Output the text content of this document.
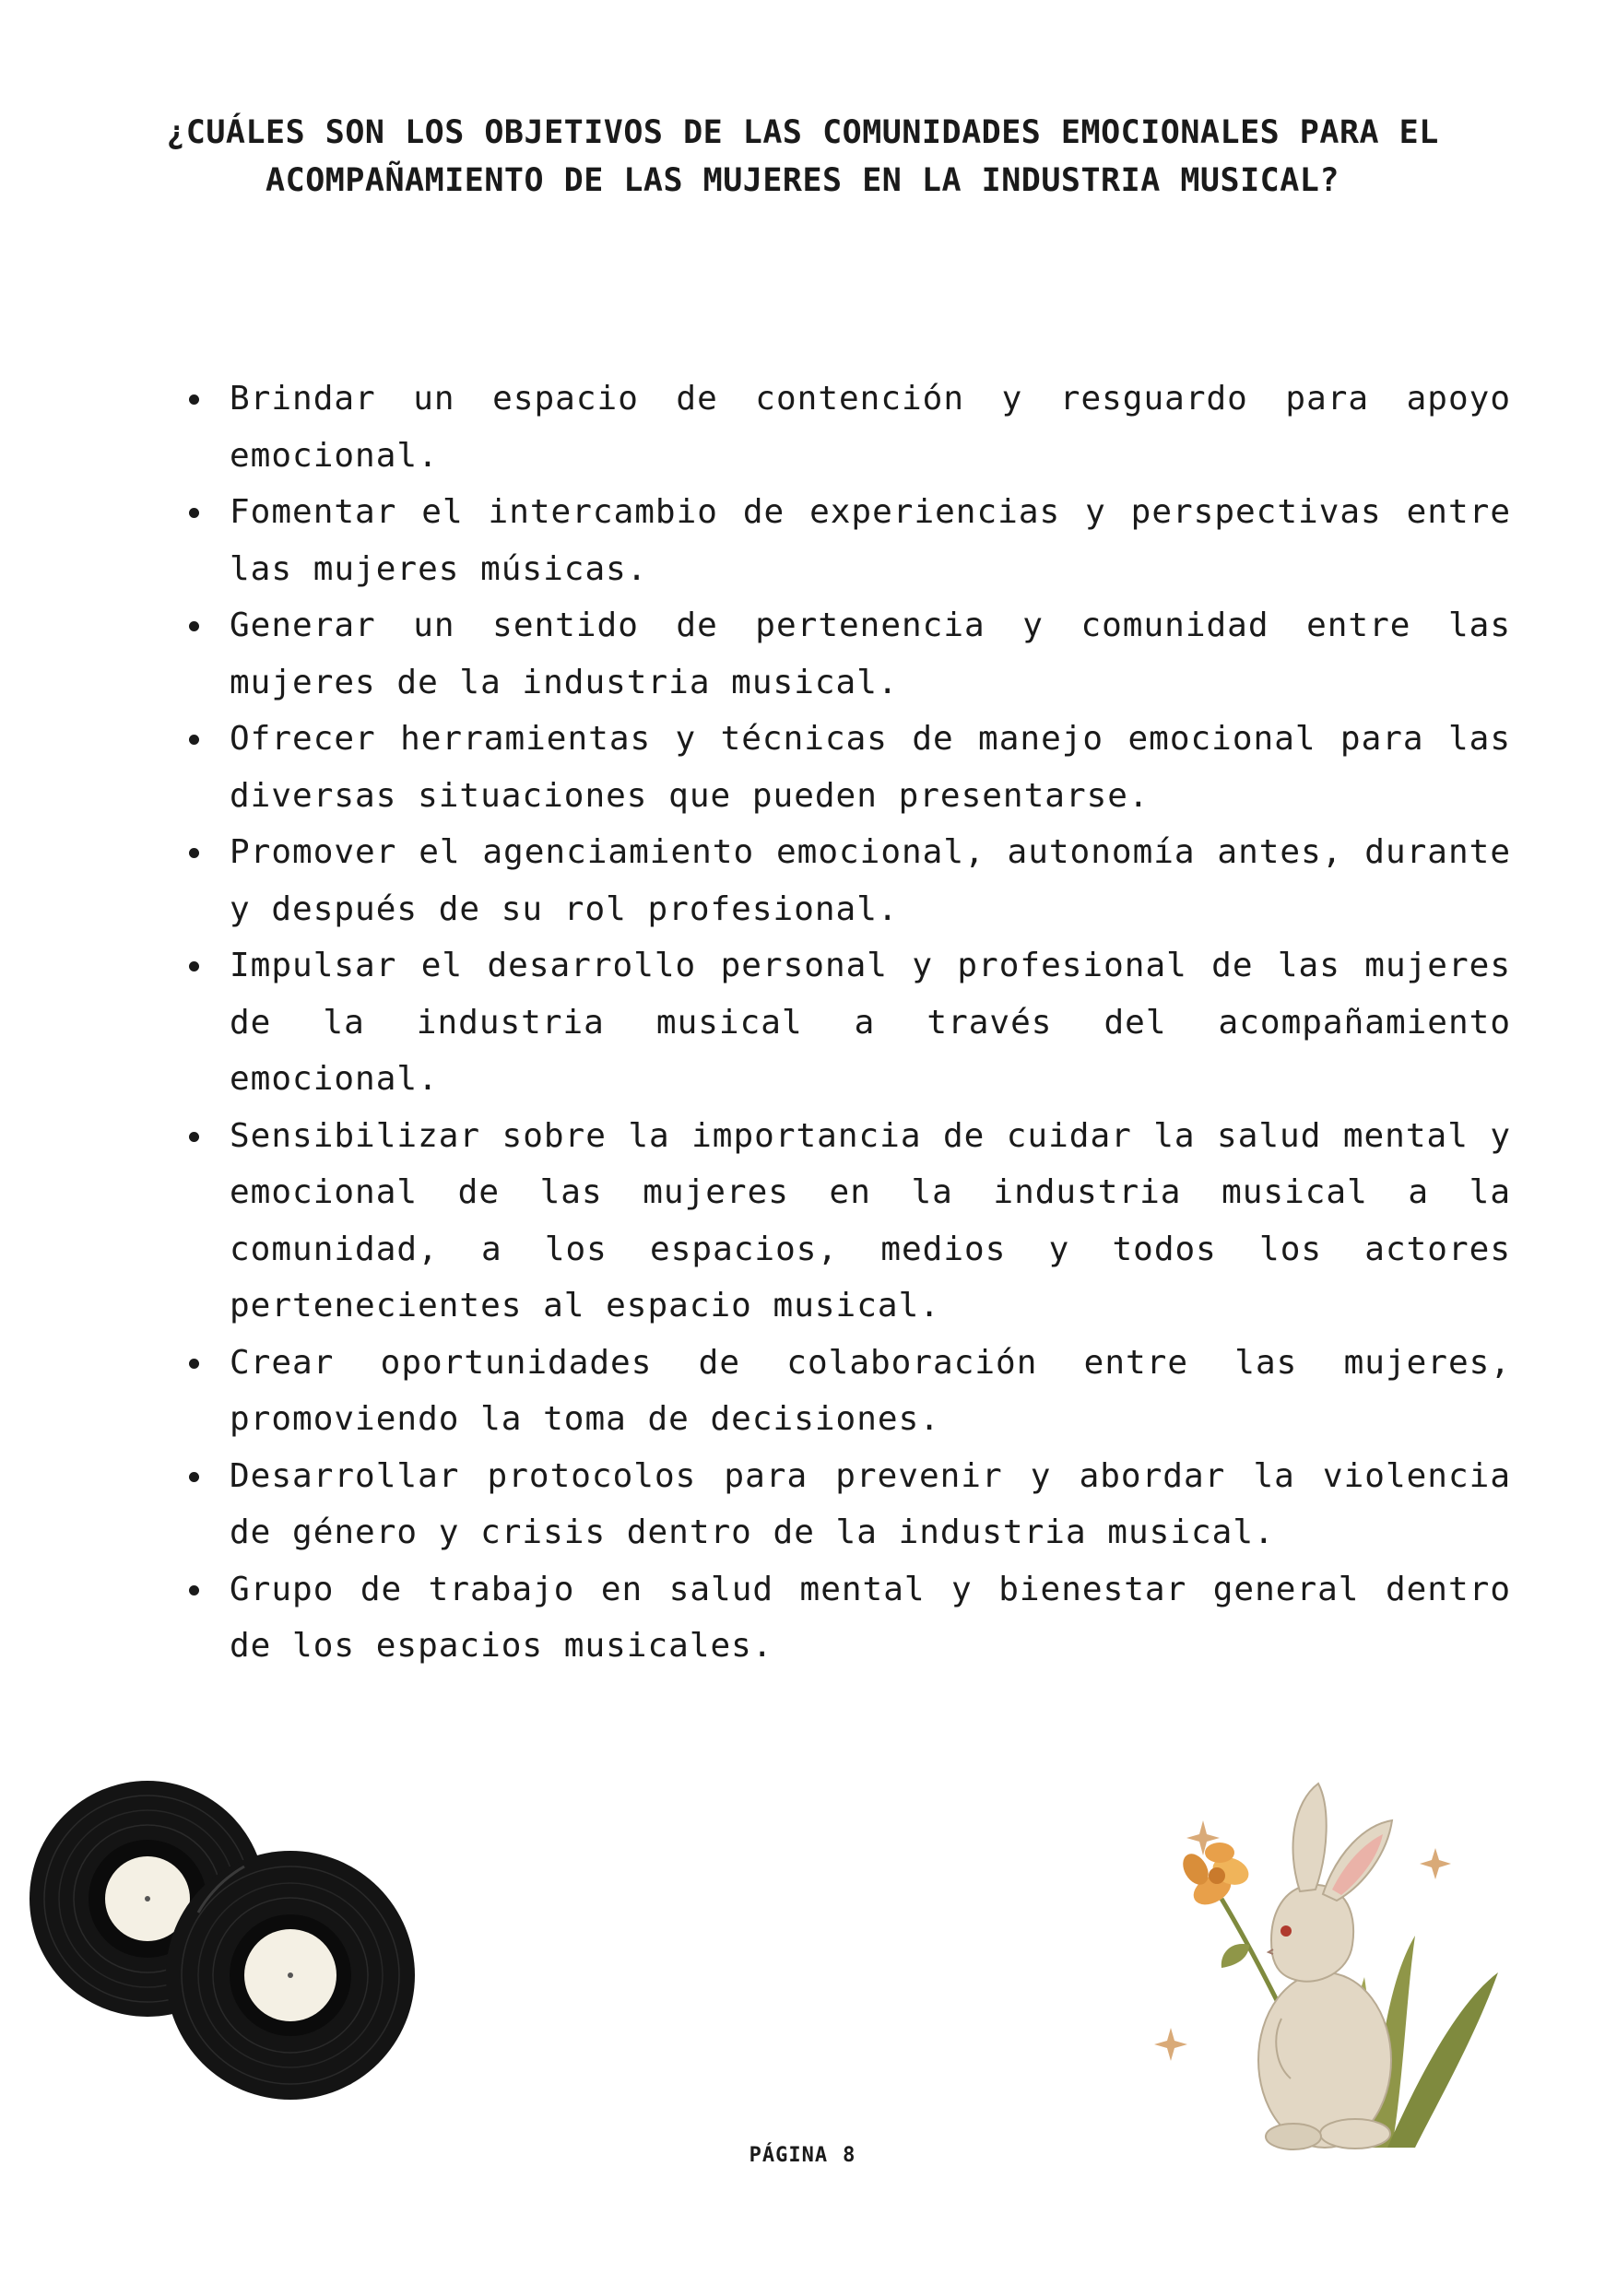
¿CUÁLES SON LOS OBJETIVOS DE LAS COMUNIDADES EMOCIONALES PARA EL ACOMPAÑAMIENTO DE LAS MUJERES EN LA INDUSTRIA MUSICAL?
Brindar un espacio de contención y resguardo para apoyo emocional.
Fomentar el intercambio de experiencias y perspectivas entre las mujeres músicas.
Generar un sentido de pertenencia y comunidad entre las mujeres de la industria musical.
Ofrecer herramientas y técnicas de manejo emocional para las diversas situaciones que pueden presentarse.
Promover el agenciamiento emocional, autonomía antes, durante y después de su rol profesional.
Impulsar el desarrollo personal y profesional de las mujeres de la industria musical a través del acompañamiento emocional.
Sensibilizar sobre la importancia de cuidar la salud mental y emocional de las mujeres en la industria musical a la comunidad, a los espacios, medios y todos los actores pertenecientes al espacio musical.
Crear oportunidades de colaboración entre las mujeres, promoviendo la toma de decisiones.
Desarrollar protocolos para prevenir y abordar la violencia de género y crisis dentro de la industria musical.
Grupo de trabajo en salud mental y bienestar general dentro de los espacios musicales.
PÁGINA 8
